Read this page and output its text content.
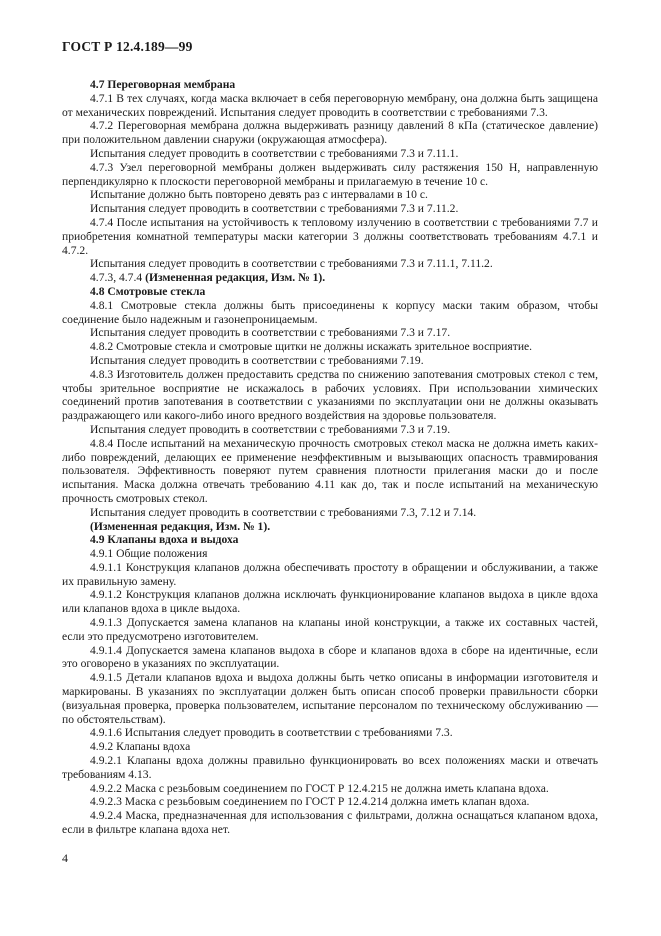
ГОСТ Р 12.4.189—99

4.7 Переговорная мембрана

4.7.1 В тех случаях, когда маска включает в себя переговорную мембрану, она должна быть защищена от механических повреждений. Испытания следует проводить в соответствии с требованиями 7.3.

4.7.2 Переговорная мембрана должна выдерживать разницу давлений 8 кПа (статическое давление) при положительном давлении снаружи (окружающая атмосфера).

Испытания следует проводить в соответствии с требованиями 7.3 и 7.11.1.

4.7.3 Узел переговорной мембраны должен выдерживать силу растяжения 150 Н, направленную перпендикулярно к плоскости переговорной мембраны и прилагаемую в течение 10 с.

Испытание должно быть повторено девять раз с интервалами в 10 с.

Испытания следует проводить в соответствии с требованиями 7.3 и 7.11.2.

4.7.4 После испытания на устойчивость к тепловому излучению в соответствии с требованиями 7.7 и приобретения комнатной температуры маски категории 3 должны соответствовать требованиям 4.7.1 и 4.7.2.

Испытания следует проводить в соответствии с требованиями 7.3 и 7.11.1, 7.11.2.

4.7.3, 4.7.4 (Измененная редакция, Изм. № 1).

4.8 Смотровые стекла

4.8.1 Смотровые стекла должны быть присоединены к корпусу маски таким образом, чтобы соединение было надежным и газонепроницаемым.

Испытания следует проводить в соответствии с требованиями 7.3 и 7.17.

4.8.2 Смотровые стекла и смотровые щитки не должны искажать зрительное восприятие.

Испытания следует проводить в соответствии с требованиями 7.19.

4.8.3 Изготовитель должен предоставить средства по снижению запотевания смотровых стекол с тем, чтобы зрительное восприятие не искажалось в рабочих условиях. При использовании химических соединений против запотевания в соответствии с указаниями по эксплуатации они не должны оказывать раздражающего или какого-либо иного вредного воздействия на здоровье пользователя.

Испытания следует проводить в соответствии с требованиями 7.3 и 7.19.

4.8.4 После испытаний на механическую прочность смотровых стекол маска не должна иметь каких-либо повреждений, делающих ее применение неэффективным и вызывающих опасность травмирования пользователя. Эффективность поверяют путем сравнения плотности прилегания маски до и после испытания. Маска должна отвечать требованию 4.11 как до, так и после испытаний на механическую прочность смотровых стекол.

Испытания следует проводить в соответствии с требованиями 7.3, 7.12 и 7.14.

(Измененная редакция, Изм. № 1).

4.9 Клапаны вдоха и выдоха

4.9.1 Общие положения

4.9.1.1 Конструкция клапанов должна обеспечивать простоту в обращении и обслуживании, а также их правильную замену.

4.9.1.2 Конструкция клапанов должна исключать функционирование клапанов выдоха в цикле вдоха или клапанов вдоха в цикле выдоха.

4.9.1.3 Допускается замена клапанов на клапаны иной конструкции, а также их составных частей, если это предусмотрено изготовителем.

4.9.1.4 Допускается замена клапанов выдоха в сборе и клапанов вдоха в сборе на идентичные, если это оговорено в указаниях по эксплуатации.

4.9.1.5 Детали клапанов вдоха и выдоха должны быть четко описаны в информации изготовителя и маркированы. В указаниях по эксплуатации должен быть описан способ проверки правильности сборки (визуальная проверка, проверка пользователем, испытание персоналом по техническому обслуживанию — по обстоятельствам).

4.9.1.6 Испытания следует проводить в соответствии с требованиями 7.3.

4.9.2 Клапаны вдоха

4.9.2.1 Клапаны вдоха должны правильно функционировать во всех положениях маски и отвечать требованиям 4.13.

4.9.2.2 Маска с резьбовым соединением по ГОСТ Р 12.4.215 не должна иметь клапана вдоха.

4.9.2.3 Маска с резьбовым соединением по ГОСТ Р 12.4.214 должна иметь клапан вдоха.

4.9.2.4 Маска, предназначенная для использования с фильтрами, должна оснащаться клапаном вдоха, если в фильтре клапана вдоха нет.

4
